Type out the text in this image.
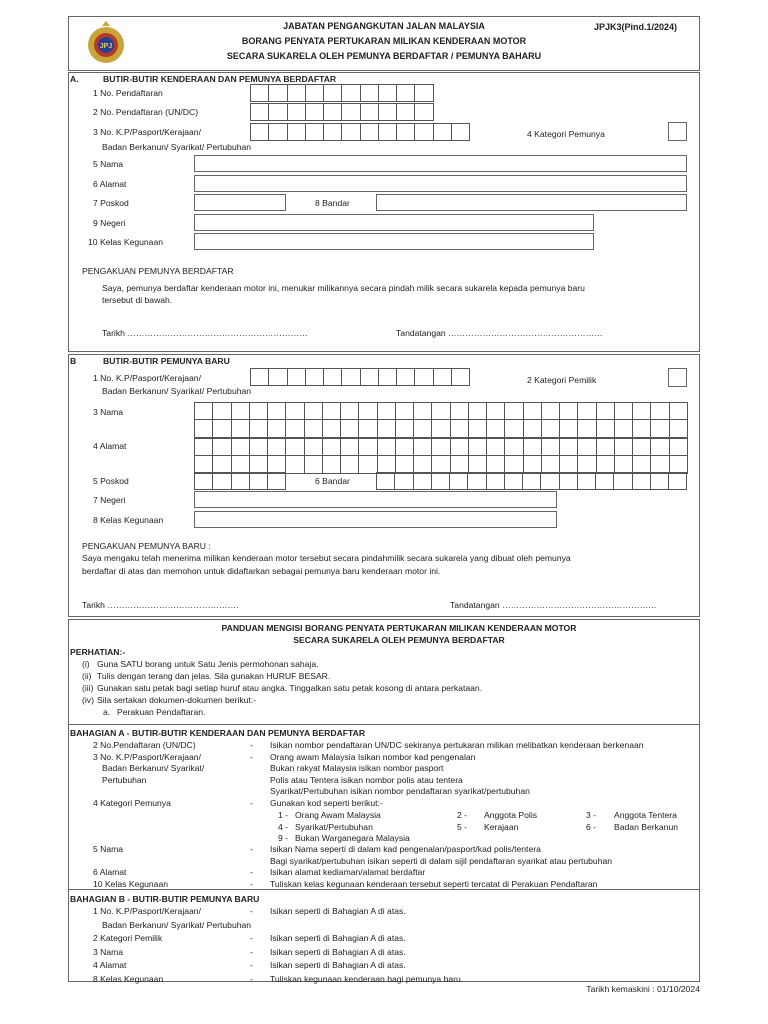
JPJ
JABATAN PENGANGKUTAN JALAN MALAYSIA
BORANG PENYATA PERTUKARAN MILIKAN KENDERAAN MOTOR
SECARA SUKARELA OLEH PEMUNYA BERDAFTAR / PEMUNYA BAHARU
JPJK3(Pind.1/2024)
A.	BUTIR-BUTIR KENDERAAN DAN PEMUNYA BERDAFTAR
1 No. Pendaftaran
2 No. Pendaftaran (UN/DC)
3 No. K.P/Pasport/Kerajaan/
Badan Berkanun/ Syarikat/ Pertubuhan
4 Kategori Pemunya
5 Nama
6 Alamat
7 Poskod	8 Bandar
9 Negeri
10 Kelas Kegunaan
PENGAKUAN PEMUNYA BERDAFTAR
Saya, pemunya berdaftar kenderaan motor ini, menukar milikannya secara pindah milik secara sukarela kepada pemunya baru
tersebut di bawah.
Tarikh ………………………………………………………	Tandatangan ………………………………………………
B	BUTIR-BUTIR PEMUNYA BARU
1 No. K.P/Pasport/Kerajaan/
Badan Berkanun/ Syarikat/ Pertubuhan
2 Kategori Pemilik
3 Nama
4 Alamat
5 Poskod	6 Bandar
7 Negeri
8 Kelas Kegunaan
PENGAKUAN PEMUNYA BARU :
Saya mengaku telah menerima milikan kenderaan motor tersebut secara pindahmilik secara sukarela yang dibuat oleh pemunya
berdaftar di atas dan memohon untuk didaftarkan sebagai pemunya baru kenderaan motor ini.
Tarikh ……………………………………….	Tandatangan ………………………………………………
PANDUAN MENGISI BORANG PENYATA PERTUKARAN MILIKAN KENDERAAN MOTOR
SECARA SUKARELA OLEH PEMUNYA BERDAFTAR
PERHATIAN:-
BAHAGIAN A - BUTIR-BUTIR KENDERAAN DAN PEMUNYA BERDAFTAR
BAHAGIAN B - BUTIR-BUTIR PEMUNYA BARU
Tarikh kemaskini : 01/10/2024
(i) Guna SATU borang untuk Satu Jenis permohonan sahaja.
(ii) Tulis dengan terang dan jelas. Sila gunakan HURUF BESAR.
(iii) Gunakan satu petak bagi setiap huruf atau angka. Tinggalkan satu petak kosong di antara perkataan.
(iv) Sila sertakan dokumen-dokumen berikut:-
a. Perakuan Pendaftaran.
2 No.Pendaftaran (UN/DC)	- Isikan nombor pendaftaran UN/DC sekiranya pertukaran milikan melibatkan kenderaan berkenaan
3 No. K.P/Pasport/Kerajaan/	- Orang awam Malaysia Isikan nombor kad pengenalan
Badan Berkanun/ Syarikat/	Bukan rakyat Malaysia isikan nombor pasport
Pertubuhan	Polis atau Tentera isikan nombor polis atau tentera
Syarikat/Pertubuhan isikan nombor pendaftaran syarikat/pertubuhan
4 Kategori Pemunya	- Gunakan kod seperti berikut:-
1 - Orang Awam Malaysia	2 - Anggota Polis	3 - Anggota Tentera
4 - Syarikat/Pertubuhan	5 - Kerajaan	6 - Badan Berkanun
9 - Bukan Warganegara Malaysia
5 Nama	- Isikan Nama seperti di dalam kad pengenalan/pasport/kad polis/tentera
Bagi syarikat/pertubuhan isikan seperti di dalam sijil pendaftaran syarikat atau pertubuhan
6 Alamat	- Isikan alamat kediaman/alamat berdaftar
10 Kelas Kegunaan	- Tuliskan kelas kegunaan kenderaan tersebut seperti tercatat di Perakuan Pendaftaran
1 No. K.P/Pasport/Kerajaan/	- Isikan seperti di Bahagian A di atas.
Badan Berkanun/ Syarikat/ Pertubuhan
2 Kategori Pemilik	- Isikan seperti di Bahagian A di atas.
3 Nama	- Isikan seperti di Bahagian A di atas.
4 Alamat	- Isikan seperti di Bahagian A di atas.
8 Kelas Kegunaan	- Tuliskan kegunaan kenderaan bagi pemunya baru.
